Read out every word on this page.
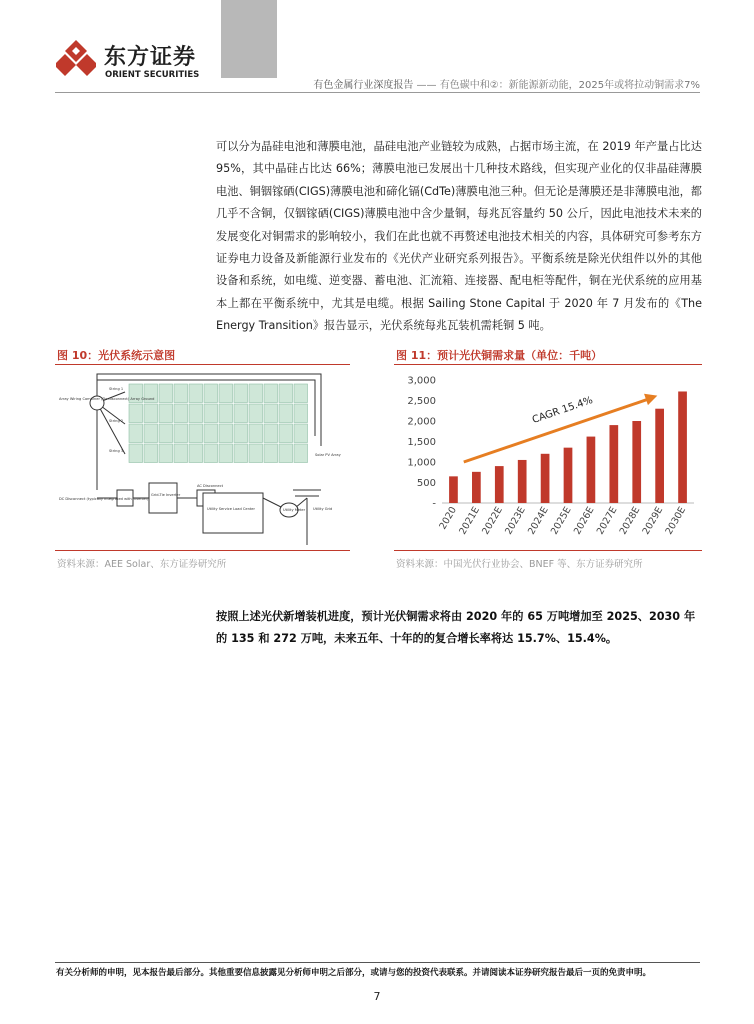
东方证券
ORIENT SECURITIES
有色金属行业深度报告 —— 有色碳中和②：新能源新动能，2025年或将拉动铜需求7%

可以分为晶硅电池和薄膜电池，晶硅电池产业链较为成熟，占据市场主流，在 2019 年产量占比达 95%，其中晶硅占比达 66%；薄膜电池已发展出十几种技术路线，但实现产业化的仅非晶硅薄膜电池、铜铟镓硒(CIGS)薄膜电池和碲化镉(CdTe)薄膜电池三种。但无论是薄膜还是非薄膜电池，都几乎不含铜，仅铟镓硒(CIGS)薄膜电池中含少量铜，每兆瓦容量约 50 公斤，因此电池技术未来的发展变化对铜需求的影响较小，我们在此也就不再赘述电池技术相关的内容，具体研究可参考东方证券电力设备及新能源行业发布的《光伏产业研究系列报告》。平衡系统是除光伏组件以外的其他设备和系统，如电缆、逆变器、蓄电池、汇流箱、连接器、配电柜等配件，铜在光伏系统的应用基本上都在平衡系统中，尤其是电缆。根据 Sailing Stone Capital 于 2020 年 7 月发布的《The Energy Transition》报告显示，光伏系统每兆瓦装机需耗铜 5 吨。

图 10：光伏系统示意图
Array Wiring Combiner (Dc disconnect) Array Ground
String 1
String 2
String 3
Solar PV Array
DC Disconnect (typically integrated with inverter)
Grid-Tie Inverter
AC Disconnect
Utility Service Load Center	Utility Meter Utility Grid
资料来源：AEE Solar、东方证券研究所
图 11：预计光伏铜需求量（单位：千吨）
-
500
1,000
1,500
2,000
2,500
3,000
2020
2021E
2022E
2023E
2024E
2025E
2026E
2027E
2028E
2029E
2030E
CAGR 15.4%
资料来源：中国光伏行业协会、BNEF 等、东方证券研究所

按照上述光伏新增装机进度，预计光伏铜需求将由 2020 年的 65 万吨增加至 2025、2030 年的 135 和 272 万吨，未来五年、十年的的复合增长率将达 15.7%、15.4%。

有关分析师的申明，见本报告最后部分。其他重要信息披露见分析师申明之后部分，或请与您的投资代表联系。并请阅读本证券研究报告最后一页的免责申明。
7
